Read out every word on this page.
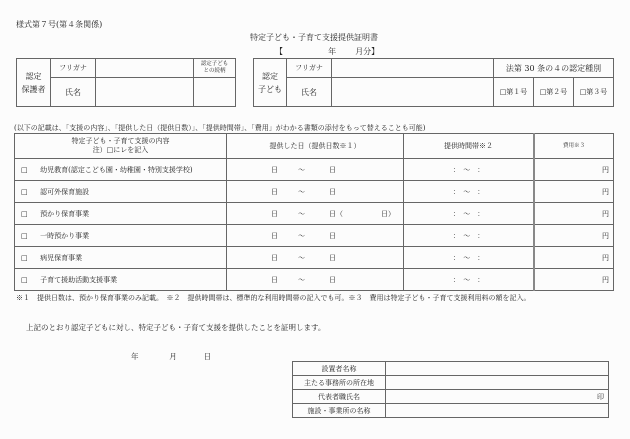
様式第７号(第４条関係)
特定子ども・子育て支援提供証明書
【	年 月分】
認定
保護者	フリガナ		認定子ども
との続柄
	氏名		
認定
子ども	フリガナ		法第 30 条の４の認定種別		
	氏名		□第１号	□第２号	□第３号
(以下の記載は、「支援の内容」、「提供した日（提供日数）」、「提供時間帯」、「費用」がわかる書類の添付をもって替えることも可能)
特定子ども・子育て支援の内容
注）□にレを記入	提供した日（提供日数※１）	提供時間帯※２	費用※３
□ 幼児教育(認定こども園・幼稚園・特別支援学校)	日 ～ 日	：　～　：	円
□ 認可外保育施設	日 ～ 日	：　～　：	円
□ 預かり保育事業	日 ～ 日（ 日）	：　～　：	円
□ 一時預かり事業	日 ～ 日	：　～　：	円
□ 病児保育事業	日 ～ 日	：　～　：	円
□ 子育て援助活動支援事業	日 ～ 日	：　～　：	円
※１　提供日数は、預かり保育事業のみ記載。　※２　提供時間帯は、標準的な利用時間帯の記入でも可。※３　費用は特定子ども・子育て支援利用料の額を記入。
上記のとおり認定子どもに対し、特定子ども・子育て支援を提供したことを証明します。
年	月	日
設置者名称	
主たる事務所の所在地	
代表者職氏名	印
施設・事業所の名称	
